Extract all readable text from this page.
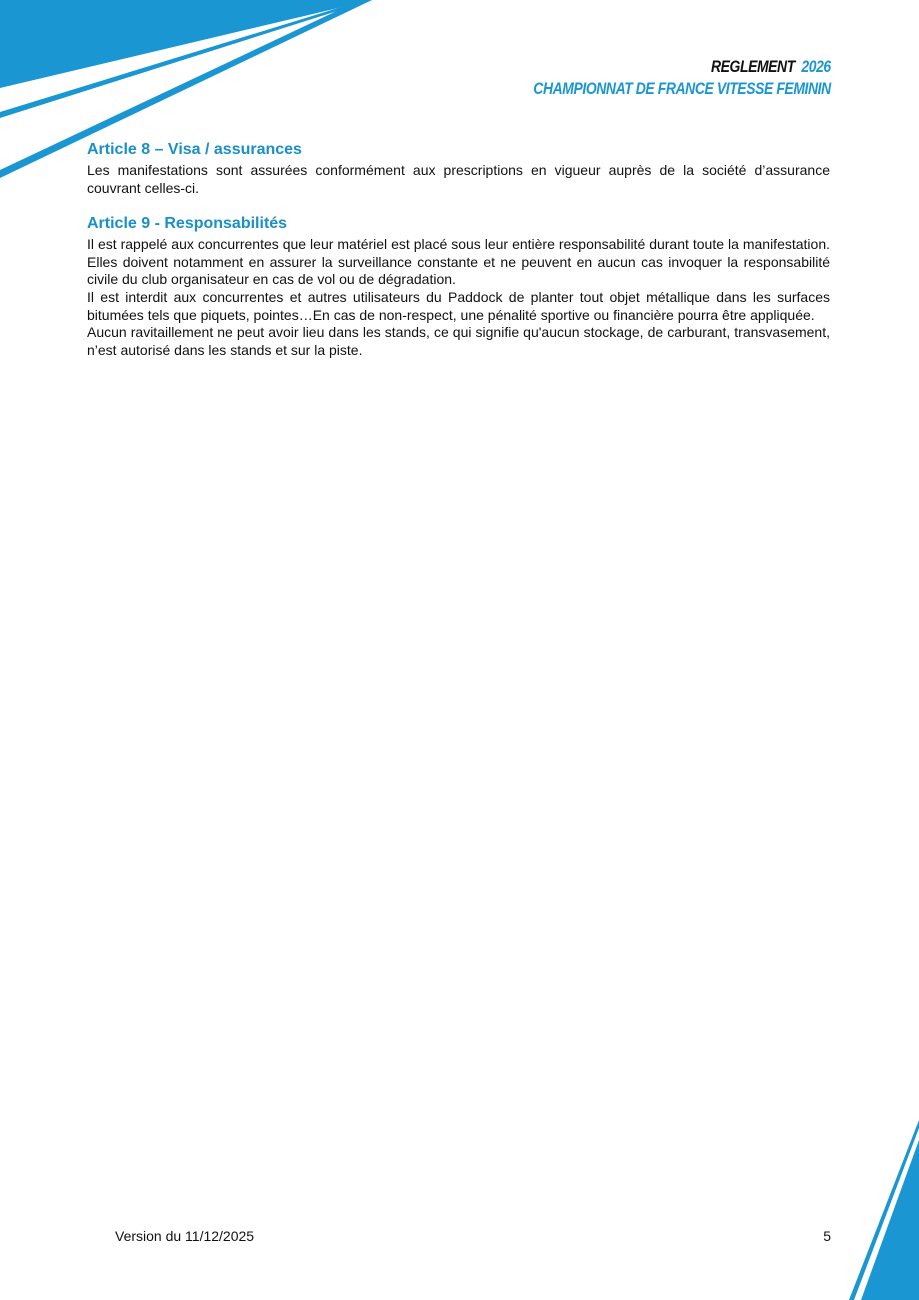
REGLEMENT 2026
CHAMPIONNAT DE FRANCE VITESSE FEMININ
Article 8 – Visa / assurances

Les manifestations sont assurées conformément aux prescriptions en vigueur auprès de la société d’assurance couvrant celles-ci.

Article 9 - Responsabilités

Il est rappelé aux concurrentes que leur matériel est placé sous leur entière responsabilité durant toute la manifestation. Elles doivent notamment en assurer la surveillance constante et ne peuvent en aucun cas invoquer la responsabilité civile du club organisateur en cas de vol ou de dégradation.

Il est interdit aux concurrentes et autres utilisateurs du Paddock de planter tout objet métallique dans les surfaces bitumées tels que piquets, pointes…En cas de non-respect, une pénalité sportive ou financière pourra être appliquée.

Aucun ravitaillement ne peut avoir lieu dans les stands, ce qui signifie qu'aucun stockage, de carburant, transvasement, n’est autorisé dans les stands et sur la piste.

Version du 11/12/2025	5
